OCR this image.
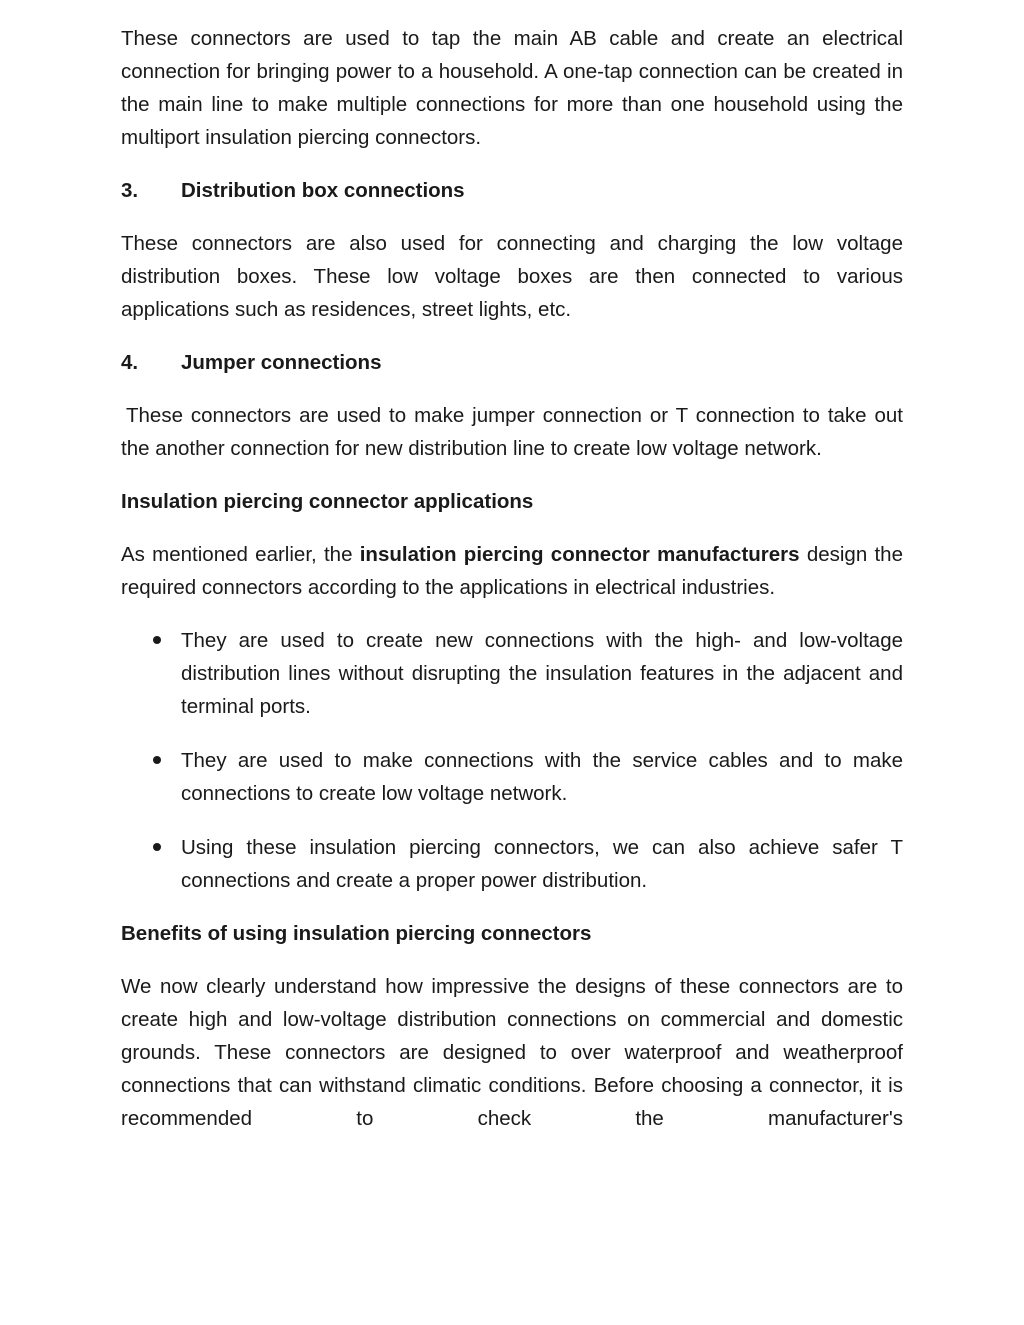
These connectors are used to tap the main AB cable and create an electrical connection for bringing power to a household. A one-tap connection can be created in the main line to make multiple connections for more than one household using the multiport insulation piercing connectors.

3.	Distribution box connections

These connectors are also used for connecting and charging the low voltage distribution boxes. These low voltage boxes are then connected to various applications such as residences, street lights, etc.

4.	Jumper connections

These connectors are used to make jumper connection or T connection to take out the another connection for new distribution line to create low voltage network.

Insulation piercing connector applications

As mentioned earlier, the insulation piercing connector manufacturers design the required connectors according to the applications in electrical industries.

They are used to create new connections with the high- and low-voltage distribution lines without disrupting the insulation features in the adjacent and terminal ports.
They are used to make connections with the service cables and to make connections to create low voltage network.
Using these insulation piercing connectors, we can also achieve safer T connections and create a proper power distribution.

Benefits of using insulation piercing connectors

We now clearly understand how impressive the designs of these connectors are to create high and low-voltage distribution connections on commercial and domestic grounds. These connectors are designed to over waterproof and weatherproof connections that can withstand climatic conditions. Before choosing a connector, it is recommended to check the manufacturer's
